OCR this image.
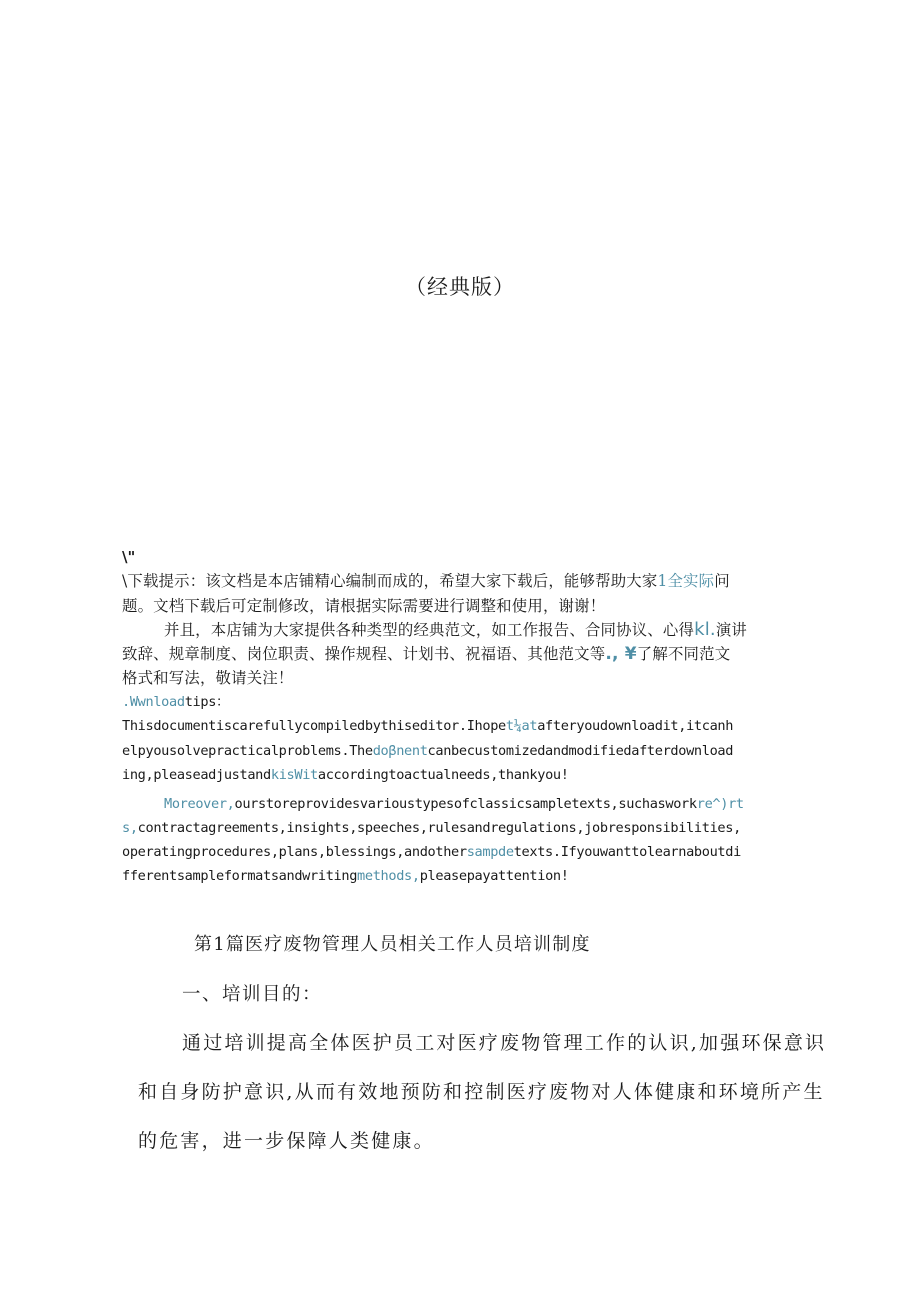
（经典版）

\"

\下载提示：该文档是本店铺精心编制而成的，希望大家下载后，能够帮助大家1全实际问

题。文档下载后可定制修改，请根据实际需要进行调整和使用，谢谢！

并且，本店铺为大家提供各种类型的经典范文，如工作报告、合同协议、心得kl.演讲

致辞、规章制度、岗位职责、操作规程、计划书、祝福语、其他范文等., ¥了解不同范文

格式和写法，敬请关注！

.Wwnloadtips：

Thisdocumentiscarefullycompiledbythiseditor.Ihopet¼atafteryoudownloadit,itcanh

elpyousolvepracticalproblems.Thedoβnentcanbecustomizedandmodifiedafterdownload

ing,pleaseadjustandkisWitaccordingtoactualneeds,thankyou!

Moreover,ourstoreprovidesvarioustypesofclassicsampletexts,suchasworkre^)rt

s,contractagreements,insights,speeches,rulesandregulations,jobresponsibilities,

operatingprocedures,plans,blessings,andothersampdetexts.Ifyouwanttolearnaboutdi

fferentsampleformatsandwritingmethods,pleasepayattention!

第1篇医疗废物管理人员相关工作人员培训制度

一、培训目的：

通过培训提高全体医护员工对医疗废物管理工作的认识,加强环保意识

和自身防护意识,从而有效地预防和控制医疗废物对人体健康和环境所产生

的危害，进一步保障人类健康。
